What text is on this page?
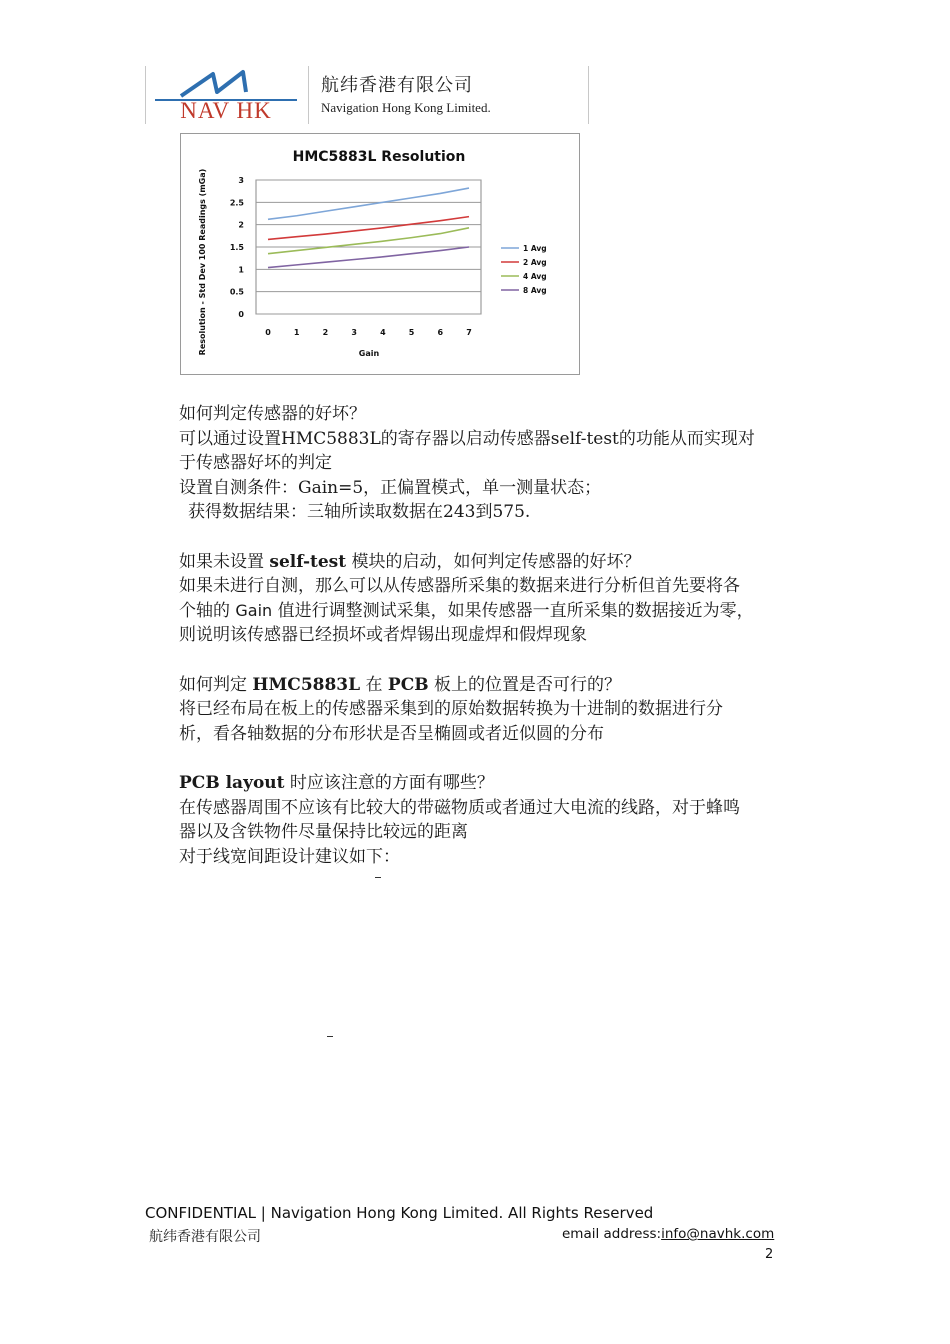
NAV HK
航纬香港有限公司
Navigation Hong Kong Limited.
HMC5883L Resolution
Resolution - Std Dev 100 Readings (mGa)	Gain
0
0.5
1
1.5
2
2.5
3
0	1	2	3	4	5	6	7
1 Avg
2 Avg
4 Avg
8 Avg

如何判定传感器的好坏？

可以通过设置HMC5883L的寄存器以启动传感器self-test的功能从而实现对

于传感器好坏的判定

设置自测条件：Gain=5，正偏置模式，单一测量状态；

获得数据结果：三轴所读取数据在243到575.

如果未设置 self-test 模块的启动，如何判定传感器的好坏？

如果未进行自测，那么可以从传感器所采集的数据来进行分析但首先要将各

个轴的 Gain 值进行调整测试采集，如果传感器一直所采集的数据接近为零，

则说明该传感器已经损坏或者焊锡出现虚焊和假焊现象

如何判定 HMC5883L 在 PCB 板上的位置是否可行的？

将已经布局在板上的传感器采集到的原始数据转换为十进制的数据进行分

析，看各轴数据的分布形状是否呈椭圆或者近似圆的分布

PCB layout 时应该注意的方面有哪些？

在传感器周围不应该有比较大的带磁物质或者通过大电流的线路，对于蜂鸣

器以及含铁物件尽量保持比较远的距离

对于线宽间距设计建议如下：

CONFIDENTIAL | Navigation Hong Kong Limited. All Rights Reserved
航纬香港有限公司	email address:info@navhk.com
2
